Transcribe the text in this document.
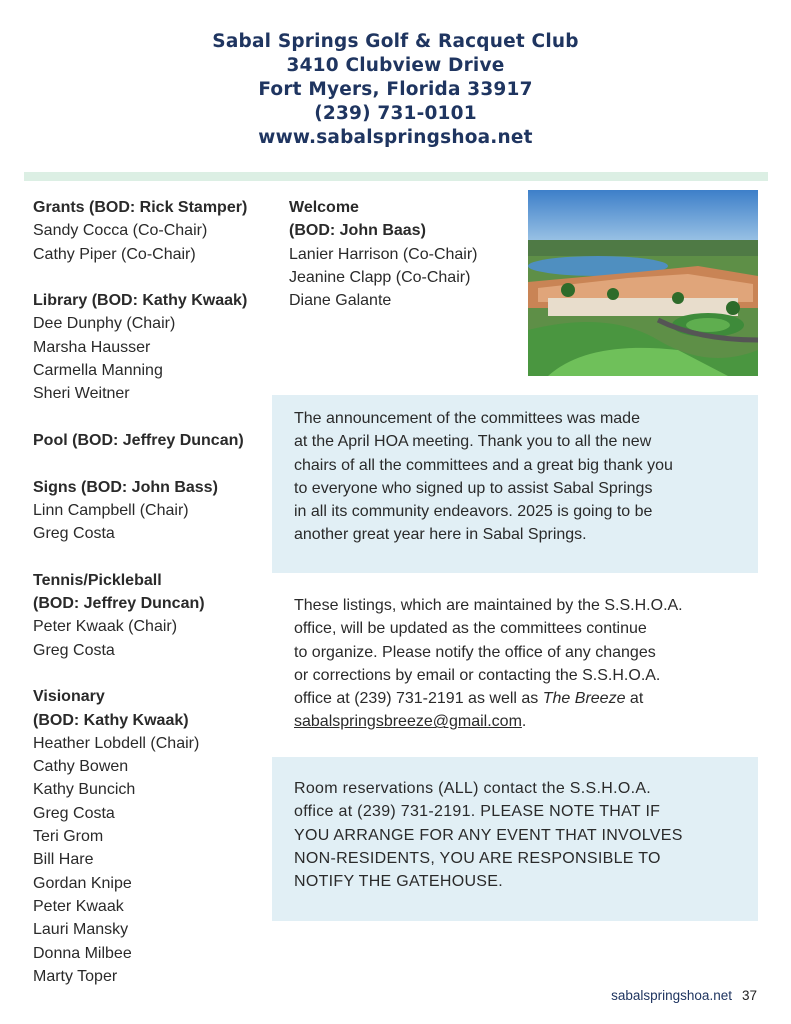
Sabal Springs Golf & Racquet Club
3410 Clubview Drive
Fort Myers, Florida 33917
(239) 731-0101
www.sabalspringshoa.net
Grants (BOD: Rick Stamper)
Sandy Cocca (Co-Chair)
Cathy Piper (Co-Chair)
Library (BOD: Kathy Kwaak)
Dee Dunphy (Chair)
Marsha Hausser
Carmella Manning
Sheri Weitner
Pool (BOD: Jeffrey Duncan)
Signs (BOD: John Bass)
Linn Campbell (Chair)
Greg Costa
Tennis/Pickleball
(BOD: Jeffrey Duncan)
Peter Kwaak (Chair)
Greg Costa
Visionary
(BOD: Kathy Kwaak)
Heather Lobdell (Chair)
Cathy Bowen
Kathy Buncich
Greg Costa
Teri Grom
Bill Hare
Gordan Knipe
Peter Kwaak
Lauri Mansky
Donna Milbee
Marty Toper
Welcome
(BOD: John Baas)
Lanier Harrison (Co-Chair)
Jeanine Clapp (Co-Chair)
Diane Galante

The announcement of the committees was made
at the April HOA meeting. Thank you to all the new
chairs of all the committees and a great big thank you
to everyone who signed up to assist Sabal Springs
in all its community endeavors. 2025 is going to be
another great year here in Sabal Springs.

These listings, which are maintained by the S.S.H.O.A.
office, will be updated as the committees continue
to organize. Please notify the office of any changes
or corrections by email or contacting the S.S.H.O.A.
office at (239) 731-2191 as well as The Breeze at
sabalspringsbreeze@gmail.com.

Room reservations (ALL) contact the S.S.H.O.A.
office at (239) 731-2191. PLEASE NOTE THAT IF
YOU ARRANGE FOR ANY EVENT THAT INVOLVES
NON-RESIDENTS, YOU ARE RESPONSIBLE TO
NOTIFY THE GATEHOUSE.

sabalspringshoa.net 37
